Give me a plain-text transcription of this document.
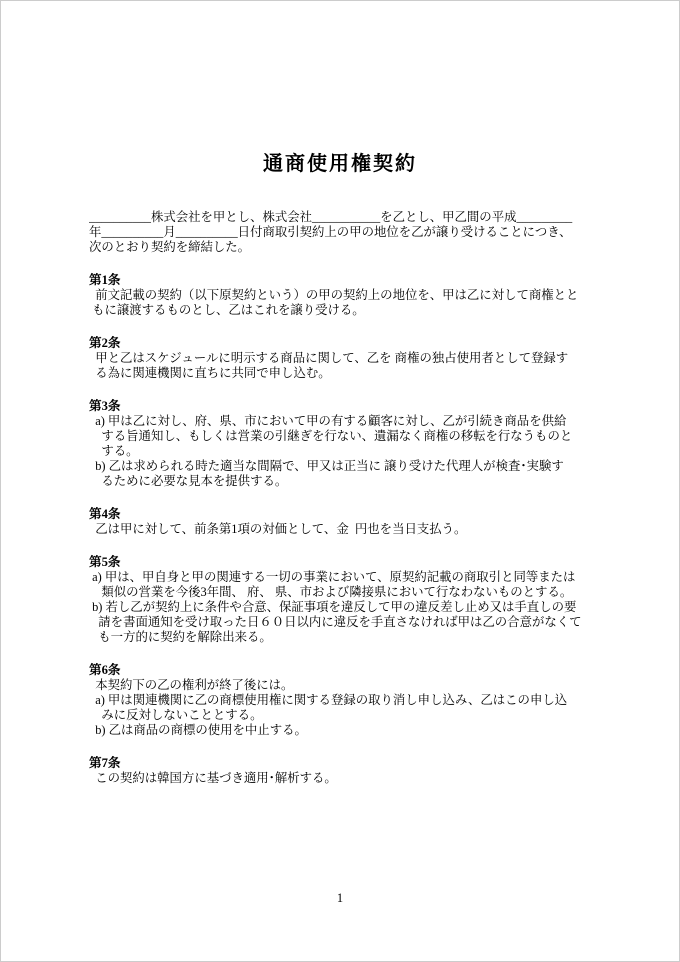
通商使用権契約
__________株式会社を甲とし、株式会社___________を乙とし、甲乙間の平成_________
年__________月__________日付商取引契約上の甲の地位を乙が譲り受けることにつき、
次のとおり契約を締結した。
第1条
前文記載の契約（以下原契約という）の甲の契約上の地位を、甲は乙に対して商権とと
もに譲渡するものとし、乙はこれを譲り受ける。
第2条
甲と乙はスケジュールに明示する商品に関して、乙を 商権の独占使用者として登録す
る為に関連機関に直ちに共同で申し込む。
第3条
a) 甲は乙に対し、府、県、市において甲の有する顧客に対し、乙が引続き商品を供給
する旨通知し、もしくは営業の引継ぎを行ない、遺漏なく商権の移転を行なうものと
する。
b) 乙は求められる時た適当な間隔で、甲又は正当に 譲り受けた代理人が検査･実験す
るために必要な見本を提供する。
第4条
乙は甲に対して、前条第1項の対価として、金  円也を当日支払う。
第5条
a) 甲は、甲自身と甲の関連する一切の事業において、原契約記載の商取引と同等または
類似の営業を今後3年間、 府、 県、市および隣接県において行なわないものとする。
b) 若し乙が契約上に条件や合意、保証事項を違反して甲の違反差し止め又は手直しの要
請を書面通知を受け取った日６０日以内に違反を手直さなければ甲は乙の合意がなくて
も一方的に契約を解除出来る。
第6条
本契約下の乙の権利が終了後には。
a) 甲は関連機関に乙の商標使用権に関する登録の取り消し申し込み、乙はこの申し込
みに反対しないこととする。
b) 乙は商品の商標の使用を中止する。
第7条
この契約は韓国方に基づき適用･解析する。
1
